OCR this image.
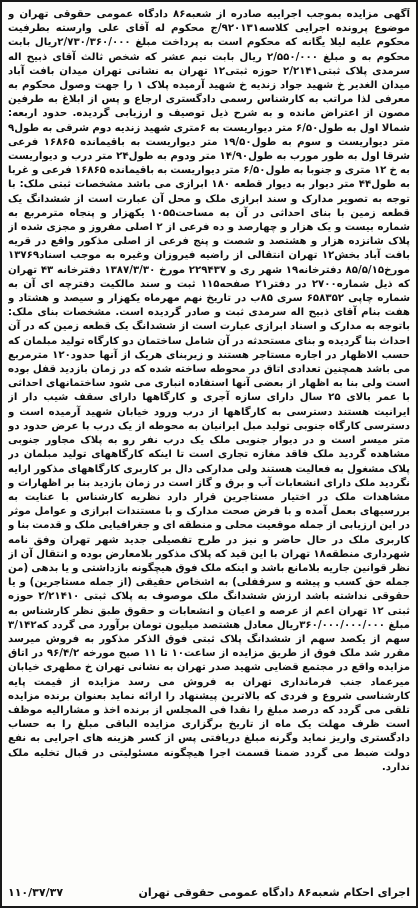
آگهی مزایده بموجب اجراییه صادره از شعبه۸۶ دادگاه عمومی حقوقی تهران و موضوع پرونده اجرایی کلاسه۹۲۰۱۳۱/ج محکوم له آقای علی وارسته بطرفیت محکوم علیه لیلا یگانه که محکوم است به پرداخت مبلغ ۲/۷۳۰/۳۶۰/۰۰۰ریال بابت محکوم به و مبلغ ۲/۵۵۰/۰۰۰ ریال بابت نیم عشر که شخص ثالث آقای ذبیح اله سرمدی پلاک ثبتی۲/۲۱۴۱ حوزه ثبتی۱۲ تهران به نشانی تهران میدان بافت آباد میدان الغدیر خ شهید جواد زندیه خ شهید آرمیده پلاک ۱ را جهت وصول محکوم به معرفی لذا مراتب به کارشناس رسمی دادگستری ارجاع و پس از ابلاغ به طرفین مصون از اعتراض مانده و به شرح ذیل توصیف و ارزیابی گردیده. حدود اربعه: شمالا اول به طول۶/۵۰ متر دیواریست به ۶متری شهید زندیه دوم شرقی به طول۹ متر دیواریست و سوم به طول۱۹/۵۰ متر دیواریست به باقیمانده ۱۶۸۶۵ فرعی شرقا اول به طور مورب به طول۱۴/۹۰ متر ودوم به طول۲۴ متر درب و دیواریست به خ ۱۲ متری و جنوبا به طول۶/۵۰ متر دیواریست به باقیمانده ۱۶۸۶۵ فرعی و غربا به طول۴۴ متر دیوار به دیوار قطعه ۱۸۰ ابرازی می باشد مشخصات ثبتی ملک: با توجه به تصویر مدارک و سند ابرازی ملک و محل آن عبارت است از ششدانگ یک قطعه زمین با بنای احداثی در آن به مساحت۱۰۵۵ یکهزار و پنجاه مترمربع به شماره بیست و یک هزار و چهارصد و ده فرعی از ۲ اصلی مفروز و مجزی شده از پلاک شانزده هزار و هشتصد و شصت و پنج فرعی از اصلی مذکور واقع در قریه بافت آباد بخش۱۲ تهران انتقالی از راضیه فیروزان وغیره به موجب اسناد۱۳۷۶۹ مورخ۸۵/۵/۱۵ دفترخانه۱۹ شهر ری و ۲۲۹۴۳۷ مورخ ۱۳۸۷/۳/۳۰ دفترخانه ۴۳ تهران که ذیل شماره۲۷۰۰ در دفتر۲۱ صفحه۱۱۵ ثبت و سند مالکیت دفترچه ای آن به شماره چاپی ۶۵۸۳۵۲ سری ۸۵ب در تاریخ نهم مهرماه یکهزار و سیصد و هشتاد و هفت بنام آقای ذبیح اله سرمدی ثبت و صادر گردیده است. مشخصات بنای ملک: باتوجه به مدارک و اسناد ابرازی عبارت است از ششدانگ یک قطعه زمین که در آن احداث بنا گردیده و بنای مستحدثه در آن شامل ساختمان دو کارگاه تولید مبلمان که حسب الاظهار در اجاره مستاجر هستند و زیربنای هریک از آنها حدود۱۲۰ مترمربع می باشد همچنین تعدادی اتاق در محوطه ساخته شده که در زمان بازدید قفل بوده است ولی بنا به اظهار از بعضی آنها استفاده انباری می شود ساختمانهای احداثی با عمر بالای ۲۵ سال دارای سازه آجری و کارگاهها دارای سقف شیب دار از ایرانیت هستند دسترسی به کارگاهها از درب ورود خیابان شهید آرمیده است و دسترسی کارگاه جنوبی تولید مبل ایرانیان به محوطه از یک درب با عرض حدود دو متر میسر است و در دیوار جنوبی ملک یک درب نفر رو به پلاک مجاور جنوبی مشاهده گردید ملک فاقد مغازه تجاری است تا اینکه کارگاههای تولید مبلمان در پلاک مشغول به فعالیت هستند ولی مدارکی دال بر کاربری کارگاههای مذکور ارایه نگردید ملک دارای انشعابات آب و برق و گاز است در زمان بازدید بنا بر اظهارات و مشاهدات ملک در اختیار مستاجرین قرار دارد نظریه کارشناس با عنایت به بررسیهای بعمل آمده و با فرض صحت مدارک و با مستندات ابرازی و عوامل موثر در این ارزیابی از جمله موقعیت محلی و منطقه ای و جغرافیایی ملک و قدمت بنا و کاربری ملک در حال حاضر و نیز در طرح تفصیلی جدید شهر تهران وفق نامه شهرداری منطقه۱۸ تهران با این قید که پلاک مذکور بلامعارض بوده و انتقال آن از نظر قوانین جاریه بلامانع باشد و اینکه ملک فوق هیچگونه بازداشتی و یا بدهی (من جمله حق کسب و پیشه و سرقفلی) به اشخاص حقیقی (از جمله مستاجرین) و یا حقوقی نداشته باشد ارزش ششدانگ ملک موصوف به پلاک ثبتی ۲/۲۱۴۱۰ حوزه ثبتی ۱۲ تهران اعم از عرصه و اعیان و انشعابات و حقوق طبق نظر کارشناس به مبلغ ۳۶۰/۰۰۰/۰۰۰/۰۰۰ریال معادل هشتصد میلیون تومان برآورد می گردد که۳/۱۴۲ سهم از یکصد سهم از ششدانگ پلاک ثبتی فوق الذکر مذکور به فروش میرسد مقرر شد ملک فوق از طریق مزایده از ساعت۱۰ تا ۱۱ صبح مورخه ۹۶/۴/۲ در اتاق مزایده واقع در مجتمع قضایی شهید صدر تهران به نشانی تهران خ مطهری خیابان میرعماد جنب فرمانداری تهران به فروش می رسد مزایده از قیمت پایه کارشناسی شروع و فردی که بالاترین پیشنهاد را ارائه نماید بعنوان برنده مزایده تلقی می گردد که درصد مبلغ را نقدا فی المجلس از برنده اخذ و مشارالیه موظف است ظرف مهلت یک ماه از تاریخ برگزاری مزایده الباقی مبلغ را به حساب دادگستری واریز نماید وگرنه مبلغ دریافتی پس از کسر هزینه های اجرایی به نفع دولت ضبط می گردد ضمنا قسمت اجرا هیچگونه مسئولیتی در قبال تخلیه ملک ندارد.

اجرای احکام شعبه۸۶ دادگاه عمومی حقوقی تهران
۱۱۰/۳۷/۳۷
